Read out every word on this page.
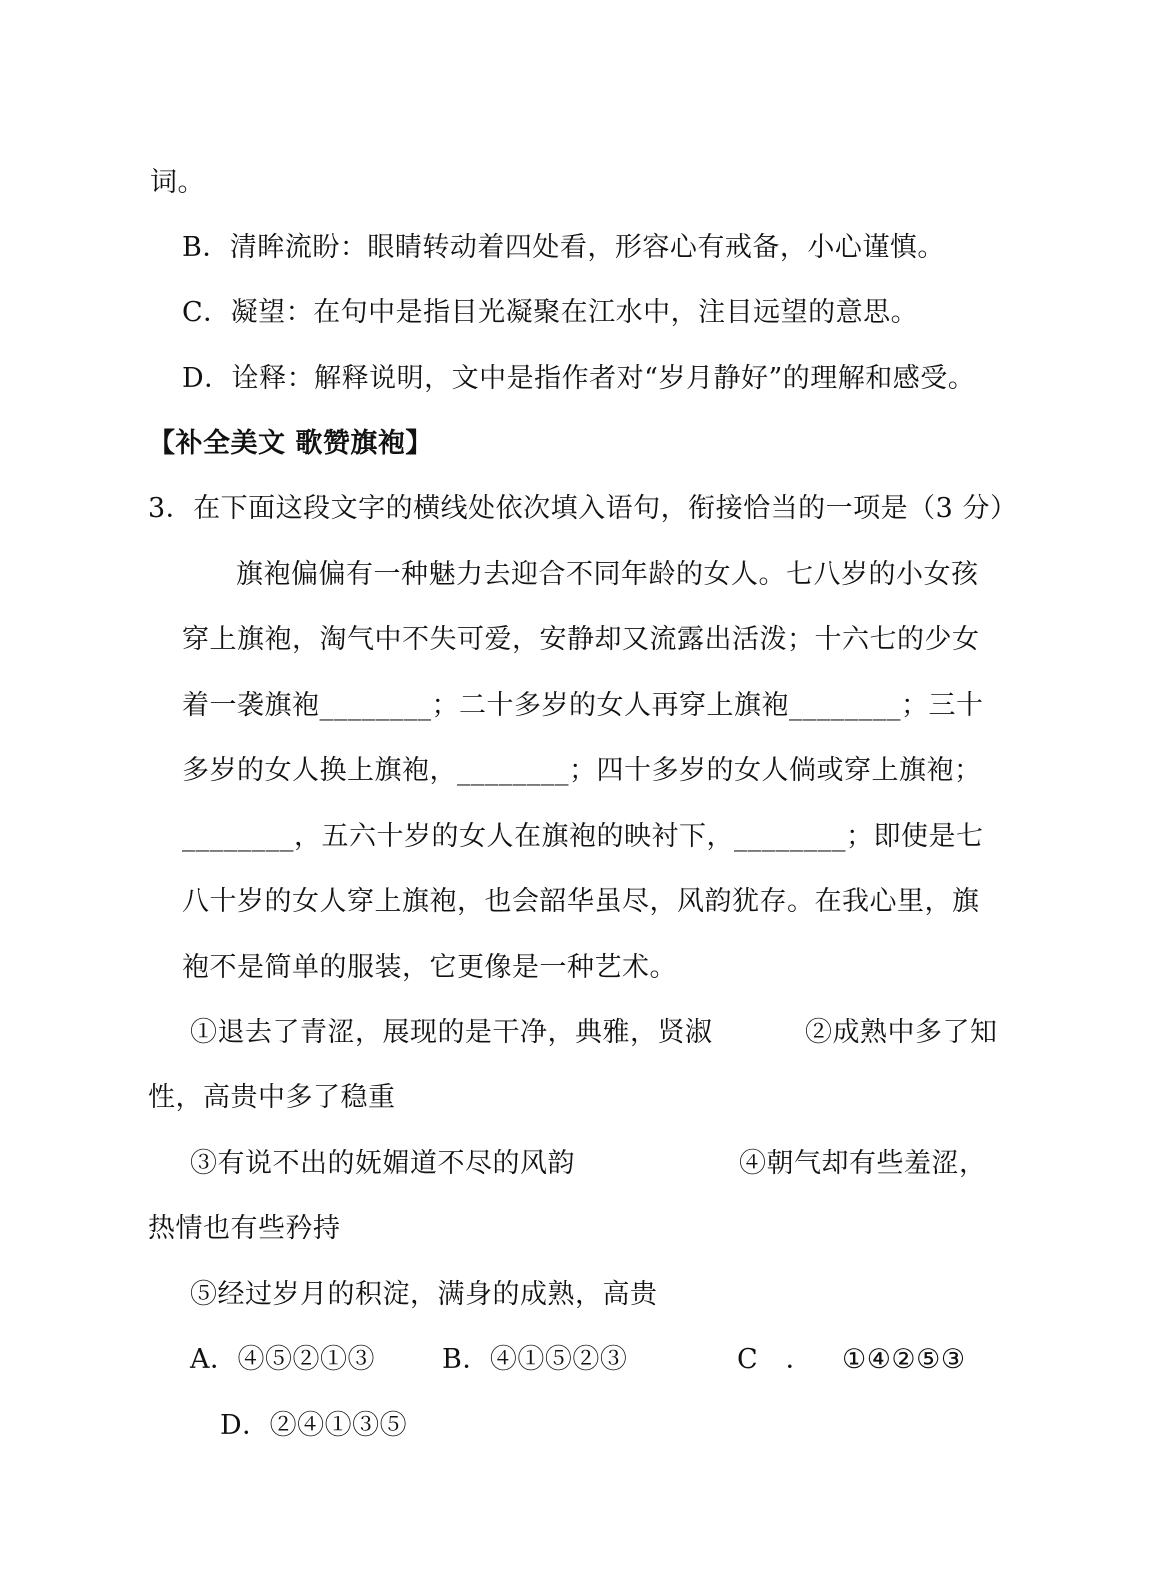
词。
B．清眸流盼：眼睛转动着四处看，形容心有戒备，小心谨慎。
C．凝望：在句中是指目光凝聚在江水中，注目远望的意思。
D．诠释：解释说明，文中是指作者对“岁月静好”的理解和感受。
【补全美文 歌赞旗袍】
3．在下面这段文字的横线处依次填入语句，衔接恰当的一项是（3 分）
旗袍偏偏有一种魅力去迎合不同年龄的女人。七八岁的小女孩
穿上旗袍，淘气中不失可爱，安静却又流露出活泼；十六七的少女
着一袭旗袍________；二十多岁的女人再穿上旗袍________；三十
多岁的女人换上旗袍，________；四十多岁的女人倘或穿上旗袍；
________，五六十岁的女人在旗袍的映衬下，________；即使是七
八十岁的女人穿上旗袍，也会韶华虽尽，风韵犹存。在我心里，旗
袍不是简单的服装，它更像是一种艺术。
①退去了青涩，展现的是干净，典雅，贤淑	②成熟中多了知
性，高贵中多了稳重
③有说不出的妩媚道不尽的风韵	④朝气却有些羞涩，
热情也有些矜持
⑤经过岁月的积淀，满身的成熟，高贵
A．④⑤②①③ B．④①⑤②③	C　． ①④②⑤③
D．②④①③⑤
